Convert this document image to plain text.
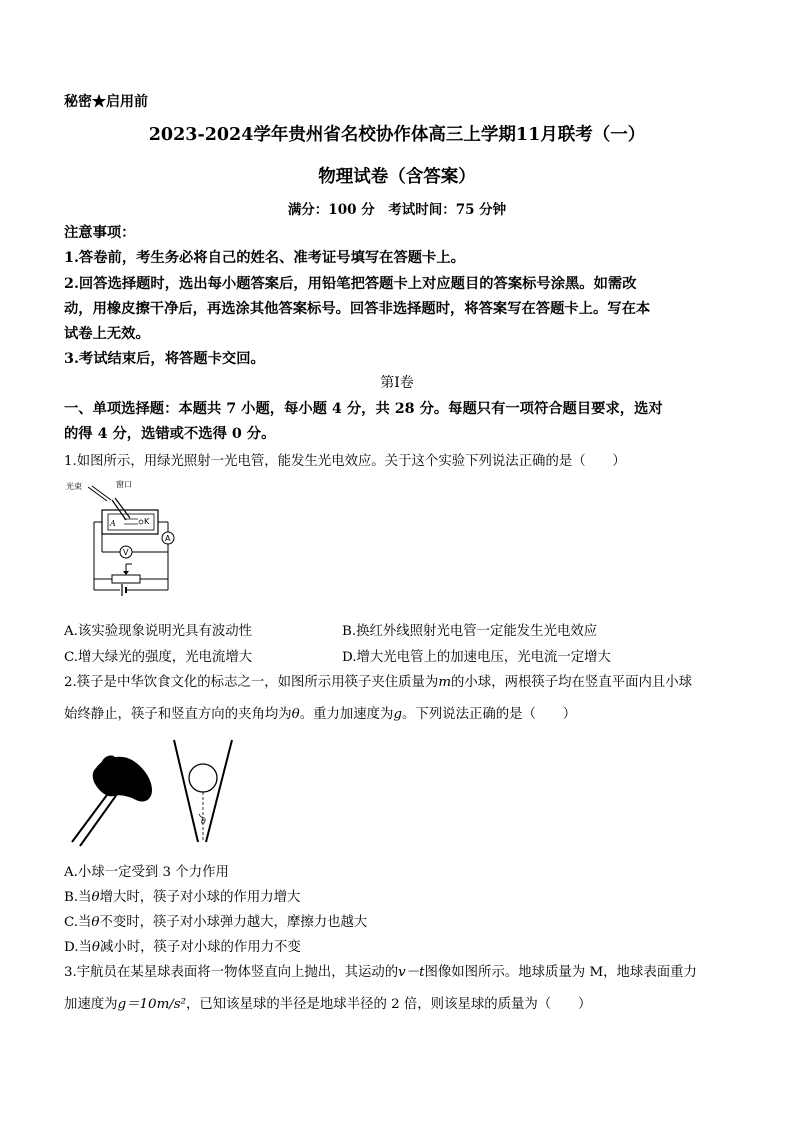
秘密★启用前
2023-2024学年贵州省名校协作体高三上学期11月联考（一）
物理试卷（含答案）
满分：100 分　考试时间：75 分钟
注意事项：
1.答卷前，考生务必将自己的姓名、准考证号填写在答题卡上。
2.回答选择题时，选出每小题答案后，用铅笔把答题卡上对应题目的答案标号涂黑。如需改
动，用橡皮擦干净后，再选涂其他答案标号。回答非选择题时，将答案写在答题卡上。写在本
试卷上无效。
3.考试结束后，将答题卡交回。
第Ⅰ卷
一、单项选择题：本题共 7 小题，每小题 4 分，共 28 分。每题只有一项符合题目要求，选对
的得 4 分，选错或不选得 0 分。
1.如图所示，用绿光照射一光电管，能发生光电效应。关于这个实验下列说法正确的是（　　）
光束	窗口
A	K
A
V
A.该实验现象说明光具有波动性	B.换红外线照射光电管一定能发生光电效应
C.增大绿光的强度，光电流增大	D.增大光电管上的加速电压，光电流一定增大
2.筷子是中华饮食文化的标志之一，如图所示用筷子夹住质量为m的小球，两根筷子均在竖直平面内且小球
始终静止，筷子和竖直方向的夹角均为θ。重力加速度为g。下列说法正确的是（　　）
θ
A.小球一定受到 3 个力作用
B.当θ增大时，筷子对小球的作用力增大
C.当θ不变时，筷子对小球弹力越大，摩擦力也越大
D.当θ减小时，筷子对小球的作用力不变
3.宇航员在某星球表面将一物体竖直向上抛出，其运动的v－t图像如图所示。地球质量为 M，地球表面重力
加速度为g＝10m/s²，已知该星球的半径是地球半径的 2 倍，则该星球的质量为（　　）
